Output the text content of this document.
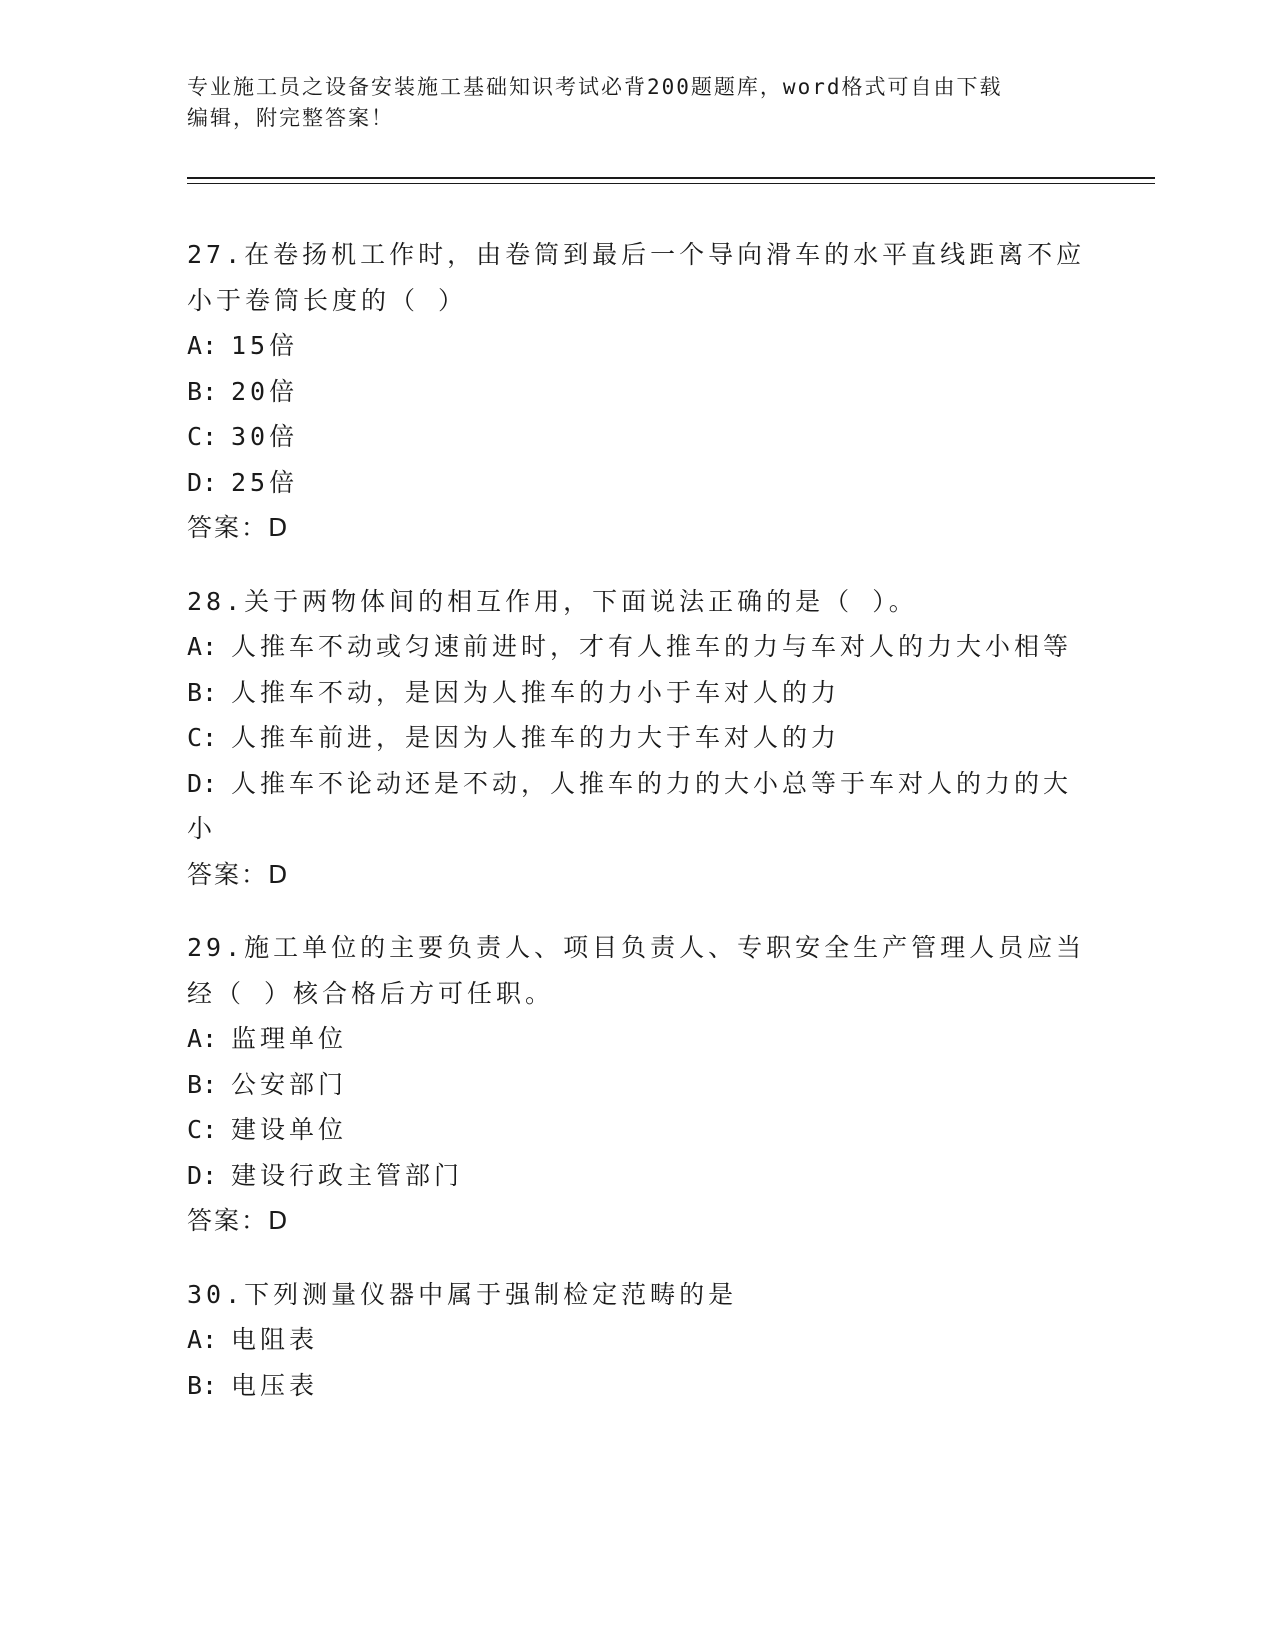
专业施工员之设备安装施工基础知识考试必背200题题库，word格式可自由下载
编辑，附完整答案！
27.在卷扬机工作时，由卷筒到最后一个导向滑车的水平直线距离不应小于卷筒长度的（ ）
A: 15倍
B: 20倍
C: 30倍
D: 25倍
答案：D
28.关于两物体间的相互作用，下面说法正确的是（ ）。
A: 人推车不动或匀速前进时，才有人推车的力与车对人的力大小相等
B: 人推车不动，是因为人推车的力小于车对人的力
C: 人推车前进，是因为人推车的力大于车对人的力
D: 人推车不论动还是不动，人推车的力的大小总等于车对人的力的大小
答案：D
29.施工单位的主要负责人、项目负责人、专职安全生产管理人员应当经（ ）核合格后方可任职。
A: 监理单位
B: 公安部门
C: 建设单位
D: 建设行政主管部门
答案：D
30.下列测量仪器中属于强制检定范畴的是
A: 电阻表
B: 电压表
